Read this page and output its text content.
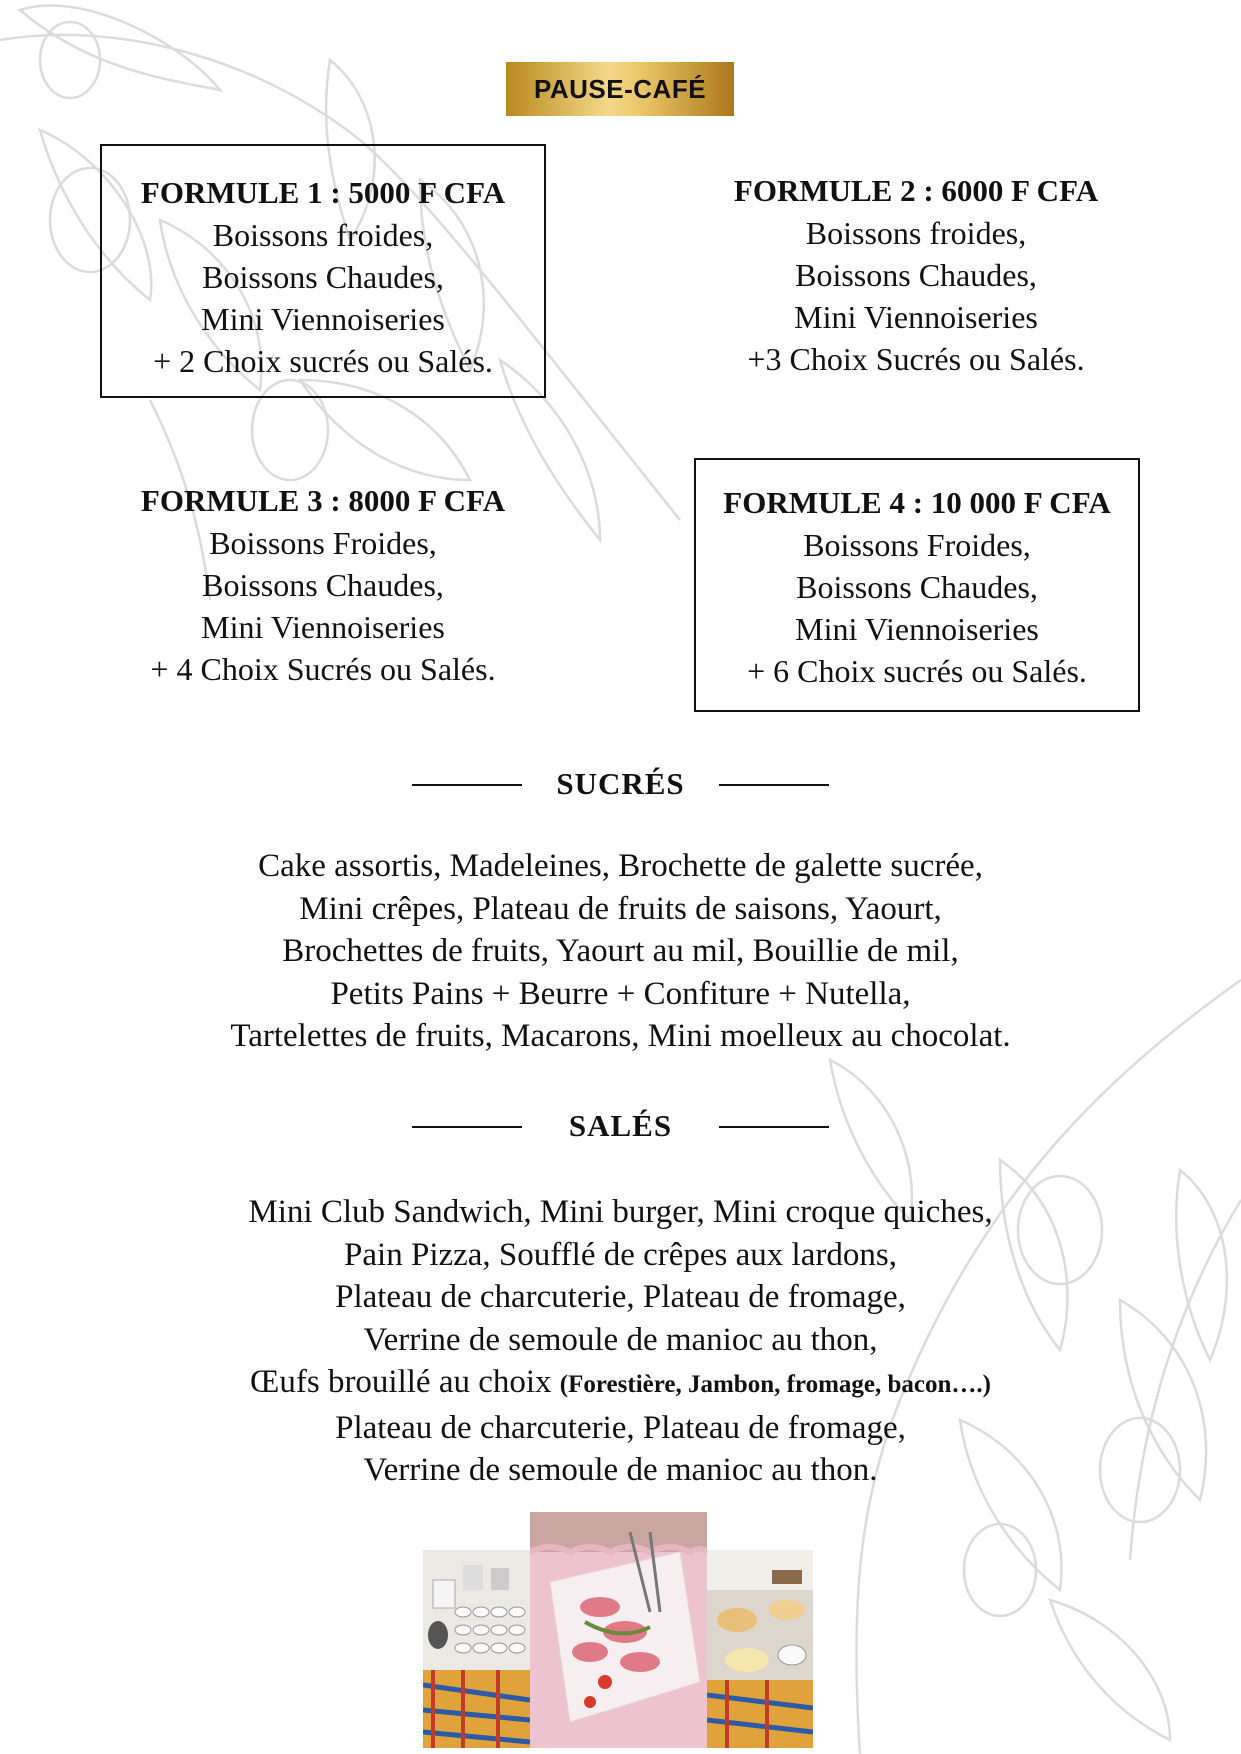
PAUSE-CAFÉ
FORMULE 1 : 5000 F CFA
Boissons froides,
Boissons Chaudes,
Mini Viennoiseries
+ 2 Choix sucrés ou Salés.
FORMULE 2 : 6000 F CFA
Boissons froides,
Boissons Chaudes,
Mini Viennoiseries
+3 Choix Sucrés ou Salés.
FORMULE 3 : 8000 F CFA
Boissons Froides,
Boissons Chaudes,
Mini Viennoiseries
+ 4 Choix Sucrés ou Salés.
FORMULE 4 : 10 000 F CFA
Boissons Froides,
Boissons Chaudes,
Mini Viennoiseries
+ 6 Choix sucrés ou Salés.
SUCRÉS
Cake assortis, Madeleines, Brochette de galette sucrée,
Mini crêpes, Plateau de fruits de saisons, Yaourt,
Brochettes de fruits, Yaourt au mil, Bouillie de mil,
Petits Pains + Beurre + Confiture + Nutella,
Tartelettes de fruits, Macarons, Mini moelleux au chocolat.
SALÉS
Mini Club Sandwich, Mini burger, Mini croque quiches,
Pain Pizza, Soufflé de crêpes aux lardons,
Plateau de charcuterie, Plateau de fromage,
Verrine de semoule de manioc au thon,
Œufs brouillé au choix (Forestière, Jambon, fromage, bacon….)
Plateau de charcuterie, Plateau de fromage,
Verrine de semoule de manioc au thon.
